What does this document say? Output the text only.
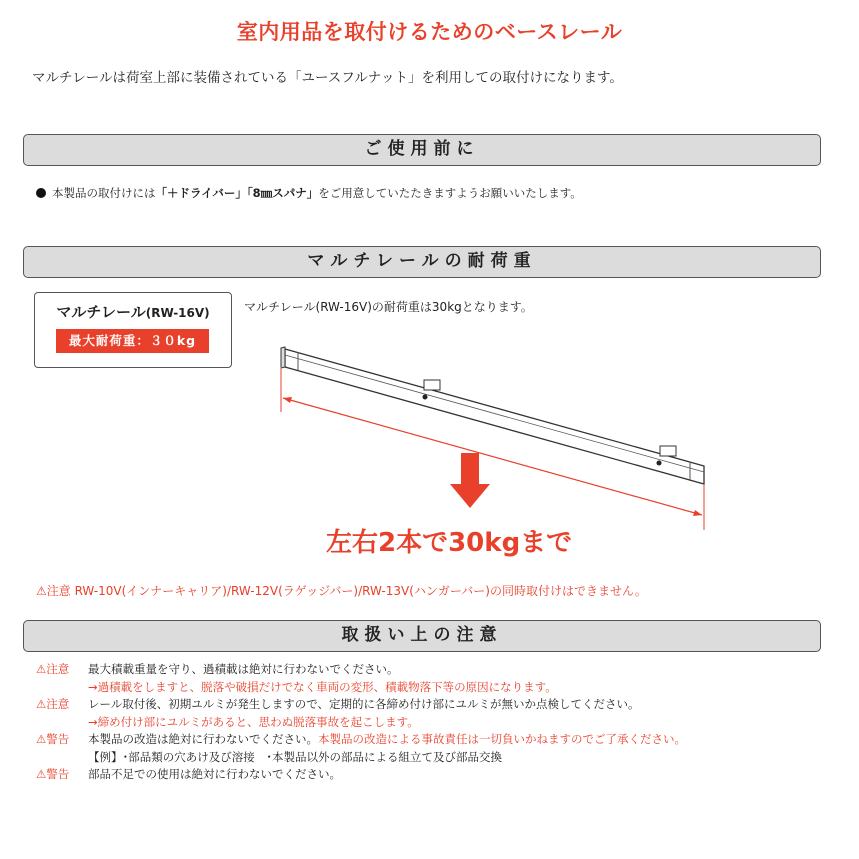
室内用品を取付けるためのベースレール
マルチレールは荷室上部に装備されている「ユースフルナット」を利用しての取付けになります。
ご使用前に
本製品の取付けには「＋ドライバー」「8㎜スパナ」をご用意していたたきますようお願いいたします。
マルチレールの耐荷重
マルチレール(RW-16V)
最大耐荷重：３０kg
マルチレール(RW-16V)の耐荷重は30kgとなります。
左右2本で30kgまで
⚠注意 RW-10V(インナーキャリア)/RW-12V(ラゲッジバー)/RW-13V(ハンガーバー)の同時取付けはできません。
取扱い上の注意
⚠注意 最大積載重量を守り、過積載は絶対に行わないでください。
→過積載をしますと、脱落や破損だけでなく車両の変形、積載物落下等の原因になります。
⚠注意 レール取付後、初期ユルミが発生しますので、定期的に各締め付け部にユルミが無いか点検してください。
→締め付け部にユルミがあると、思わぬ脱落事故を起こします。
⚠警告 本製品の改造は絶対に行わないでください。本製品の改造による事故責任は一切負いかねますのでご了承ください。
【例】･部品類の穴あけ及び溶接　･本製品以外の部品による組立て及び部品交換
⚠警告 部品不足での使用は絶対に行わないでください。
